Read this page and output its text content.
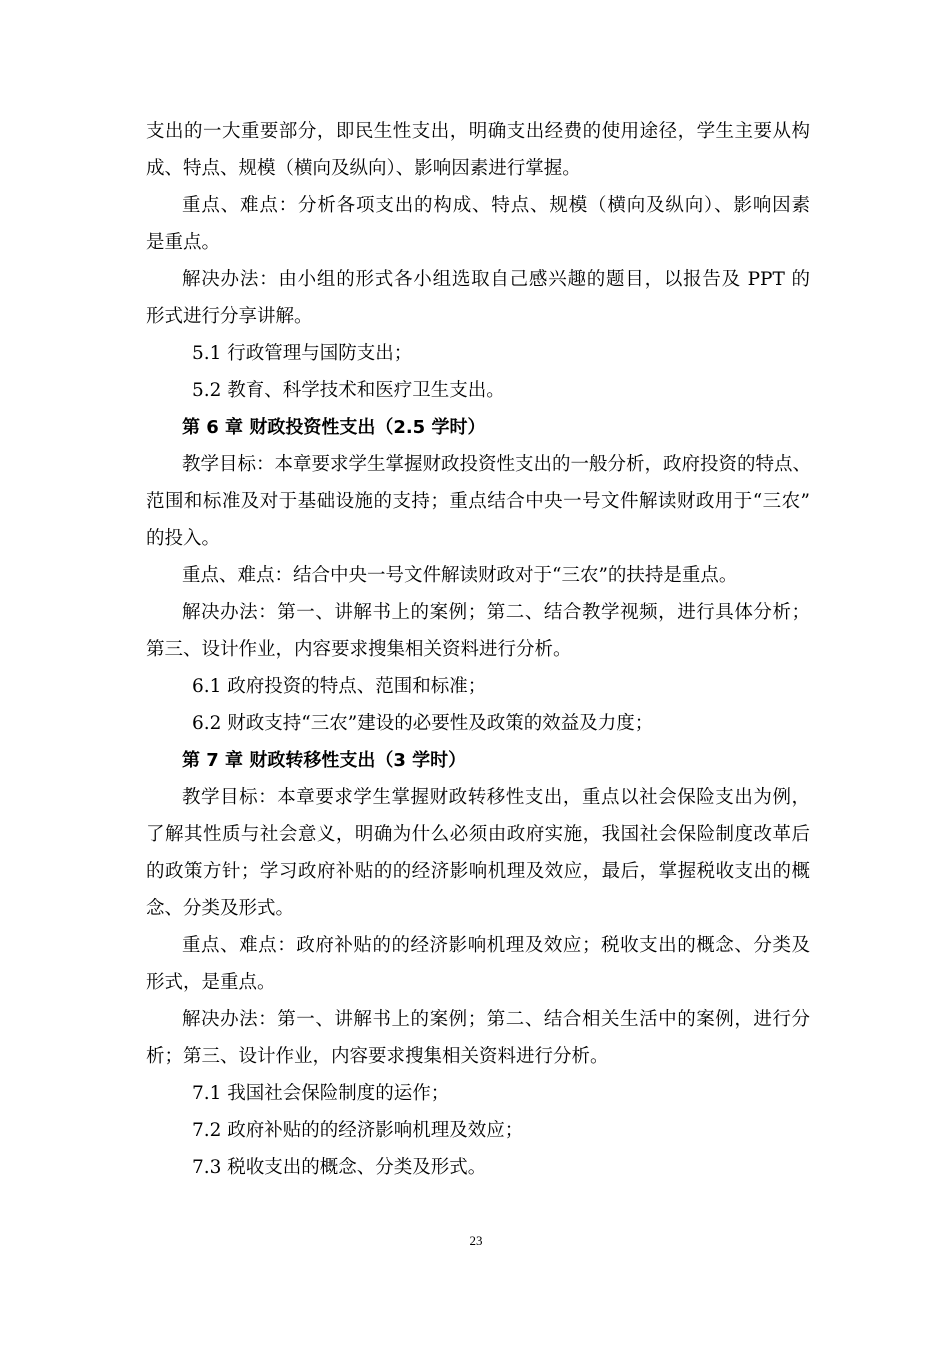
支出的一大重要部分，即民生性支出，明确支出经费的使用途径，学生主要从构
成、特点、规模（横向及纵向）、影响因素进行掌握。
重点、难点：分析各项支出的构成、特点、规模（横向及纵向）、影响因素
是重点。
解决办法：由小组的形式各小组选取自己感兴趣的题目，以报告及 PPT 的
形式进行分享讲解。
5.1 行政管理与国防支出；
5.2 教育、科学技术和医疗卫生支出。
第 6 章 财政投资性支出（2.5 学时）
教学目标：本章要求学生掌握财政投资性支出的一般分析，政府投资的特点、
范围和标准及对于基础设施的支持；重点结合中央一号文件解读财政用于“三农”
的投入。
重点、难点：结合中央一号文件解读财政对于“三农”的扶持是重点。
解决办法：第一、讲解书上的案例；第二、结合教学视频，进行具体分析；
第三、设计作业，内容要求搜集相关资料进行分析。
6.1 政府投资的特点、范围和标准；
6.2 财政支持“三农”建设的必要性及政策的效益及力度；
第 7 章 财政转移性支出（3 学时）
教学目标：本章要求学生掌握财政转移性支出，重点以社会保险支出为例，
了解其性质与社会意义，明确为什么必须由政府实施，我国社会保险制度改革后
的政策方针；学习政府补贴的的经济影响机理及效应，最后，掌握税收支出的概
念、分类及形式。
重点、难点：政府补贴的的经济影响机理及效应；税收支出的概念、分类及
形式，是重点。
解决办法：第一、讲解书上的案例；第二、结合相关生活中的案例，进行分
析；第三、设计作业，内容要求搜集相关资料进行分析。
7.1 我国社会保险制度的运作；
7.2 政府补贴的的经济影响机理及效应；
7.3 税收支出的概念、分类及形式。
23
